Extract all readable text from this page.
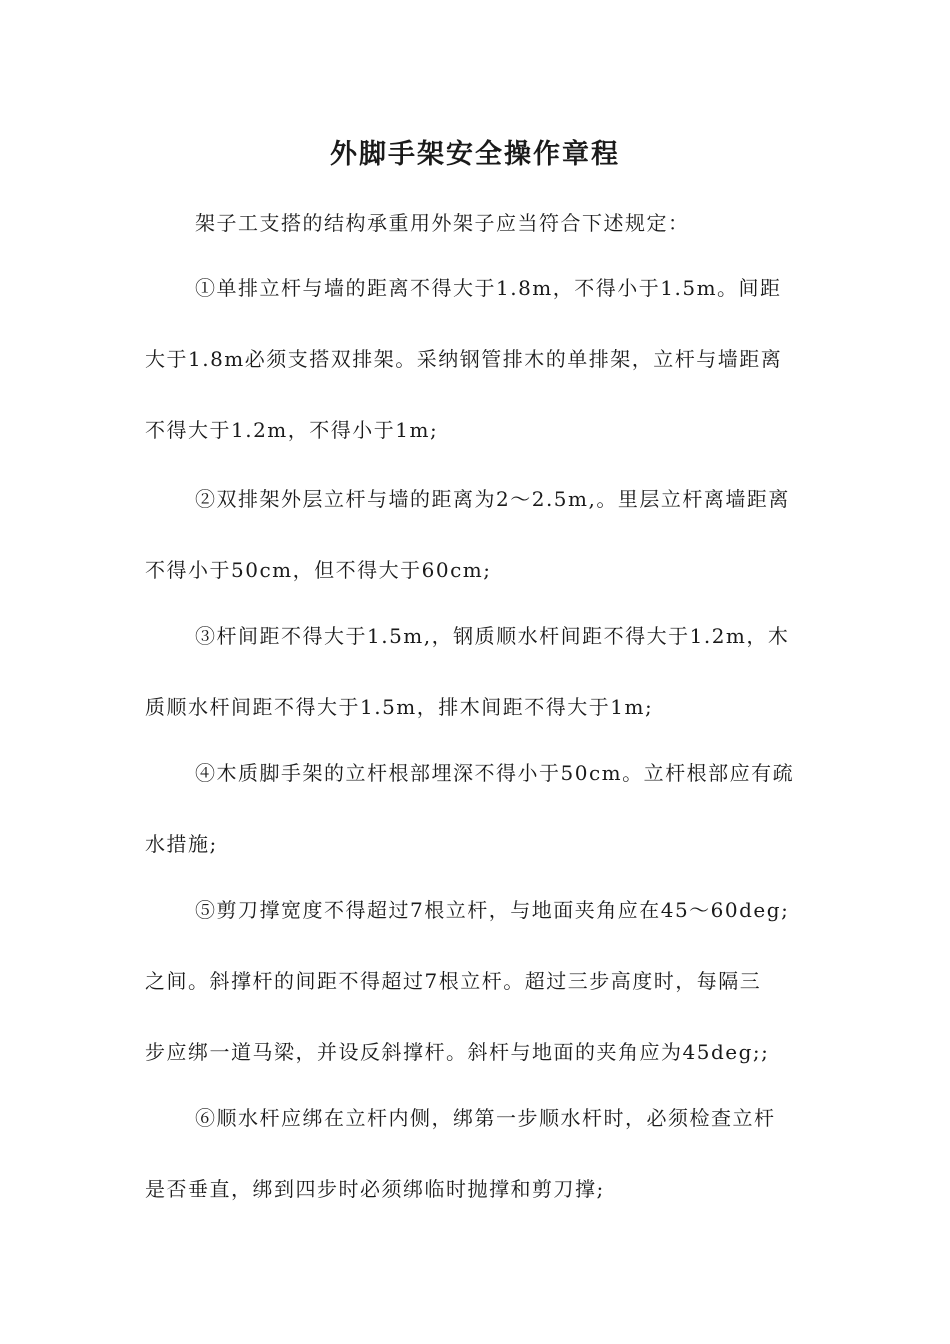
外脚手架安全操作章程

架子工支搭的结构承重用外架子应当符合下述规定：

①单排立杆与墙的距离不得大于1.8m，不得小于1.5m。间距

大于1.8m必须支搭双排架。采纳钢管排木的单排架，立杆与墙距离

不得大于1.2m，不得小于1m;

②双排架外层立杆与墙的距离为2～2.5m,。里层立杆离墙距离

不得小于50cm，但不得大于60cm;

③杆间距不得大于1.5m,，钢质顺水杆间距不得大于1.2m，木

质顺水杆间距不得大于1.5m，排木间距不得大于1m;

④木质脚手架的立杆根部埋深不得小于50cm。立杆根部应有疏

水措施;

⑤剪刀撑宽度不得超过7根立杆，与地面夹角应在45～60deg;

之间。斜撑杆的间距不得超过7根立杆。超过三步高度时，每隔三

步应绑一道马梁，并设反斜撑杆。斜杆与地面的夹角应为45deg;;

⑥顺水杆应绑在立杆内侧，绑第一步顺水杆时，必须检查立杆

是否垂直，绑到四步时必须绑临时抛撑和剪刀撑;
